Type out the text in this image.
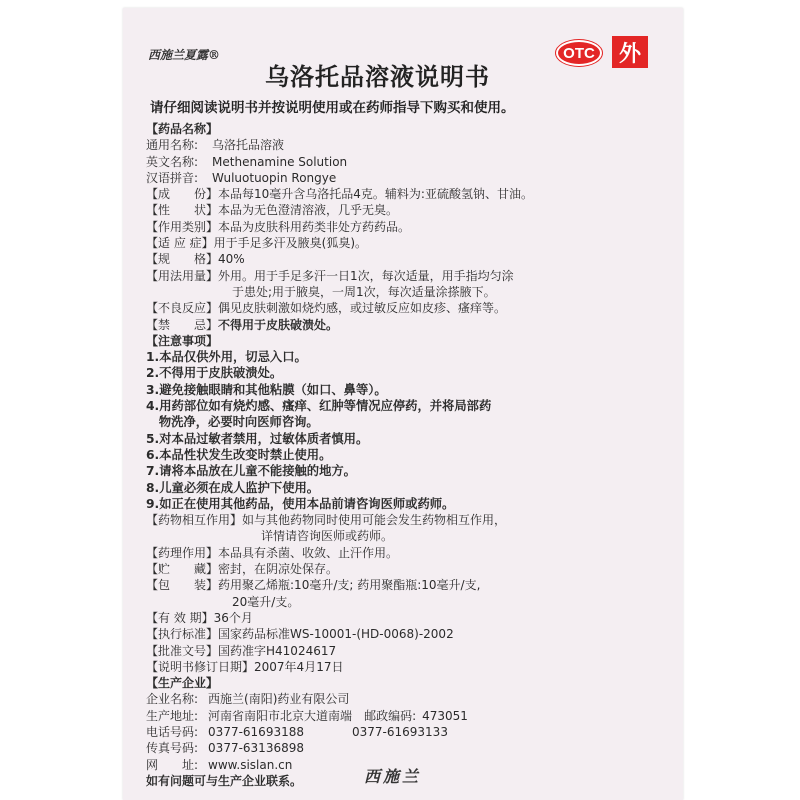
西施兰夏露®
乌洛托品溶液说明书
OTC	外
请仔细阅读说明书并按说明使用或在药师指导下购买和使用。
【药品名称】
通用名称:	乌洛托品溶液
英文名称:	Methenamine Solution
汉语拼音:	Wuluotuopin Rongye
【成　　份】 本品每10毫升含乌洛托品4克。辅料为:亚硫酸氢钠、甘油。
【性　　状】 本品为无色澄清溶液，几乎无臭。
【作用类别】 本品为皮肤科用药类非处方药药品。
【适 应 症】 用于手足多汗及腋臭(狐臭)。
【规　　格】 40%
【用法用量】 外用。用于手足多汗一日1次，每次适量，用手指均匀涂
于患处;用于腋臭，一周1次，每次适量涂搽腋下。
【不良反应】 偶见皮肤刺激如烧灼感，或过敏反应如皮疹、瘙痒等。
【禁　　忌】 不得用于皮肤破溃处。
【注意事项】
1.本品仅供外用，切忌入口。
2.不得用于皮肤破溃处。
3.避免接触眼睛和其他粘膜（如口、鼻等）。
4.用药部位如有烧灼感、瘙痒、红肿等情况应停药，并将局部药
物洗净，必要时向医师咨询。
5.对本品过敏者禁用，过敏体质者慎用。
6.本品性状发生改变时禁止使用。
7.请将本品放在儿童不能接触的地方。
8.儿童必须在成人监护下使用。
9.如正在使用其他药品，使用本品前请咨询医师或药师。
【药物相互作用】 如与其他药物同时使用可能会发生药物相互作用，
详情请咨询医师或药师。
【药理作用】 本品具有杀菌、收敛、止汗作用。
【贮　　藏】 密封，在阴凉处保存。
【包　　装】 药用聚乙烯瓶:10毫升/支; 药用聚酯瓶:10毫升/支,
20毫升/支。
【有 效 期】 36个月
【执行标准】 国家药品标准WS-10001-(HD-0068)-2002
【批准文号】 国药准字H41024617
【说明书修订日期】 2007年4月17日
【生产企业】
企业名称: 西施兰(南阳)药业有限公司
生产地址: 河南省南阳市北京大道南端	邮政编码: 473051
电话号码: 0377-61693188	0377-61693133
传真号码: 0377-63136898
网　　址: www.sislan.cn
如有问题可与生产企业联系。	西施兰
